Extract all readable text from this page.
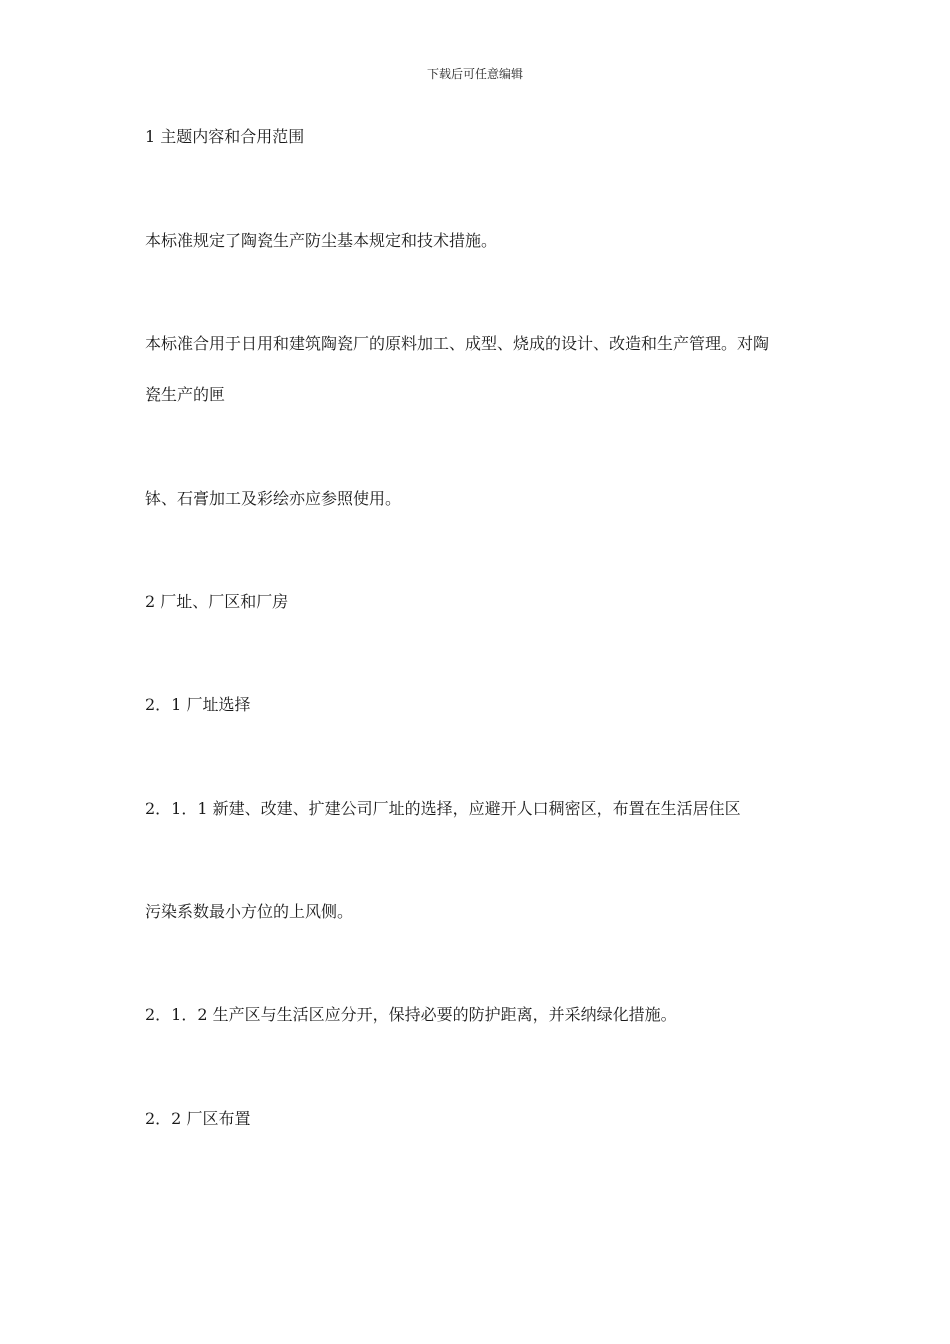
下载后可任意编辑
1 主题内容和合用范围
本标准规定了陶瓷生产防尘基本规定和技术措施。
本标准合用于日用和建筑陶瓷厂的原料加工、成型、烧成的设计、改造和生产管理。对陶
瓷生产的匣
钵、石膏加工及彩绘亦应参照使用。
2 厂址、厂区和厂房
2．1 厂址选择
2．1．1 新建、改建、扩建公司厂址的选择，应避开人口稠密区，布置在生活居住区
污染系数最小方位的上风侧。
2．1．2 生产区与生活区应分开，保持必要的防护距离，并采纳绿化措施。
2．2 厂区布置
